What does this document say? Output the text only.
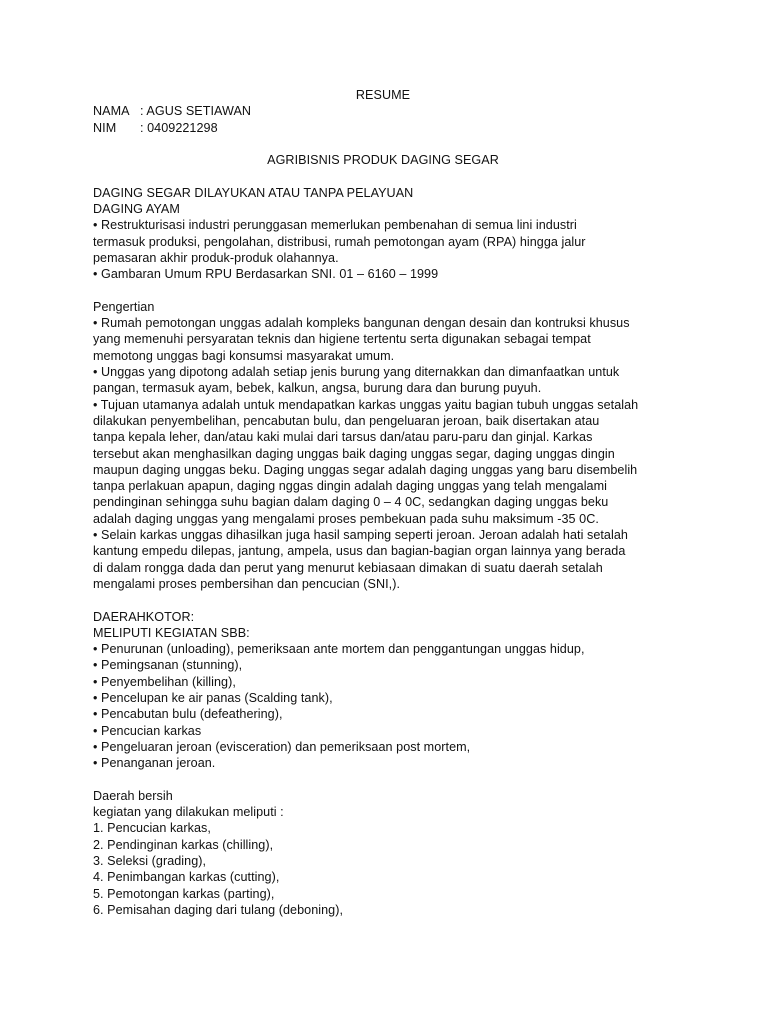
RESUME
NAMA : AGUS SETIAWAN
NIM : 0409221298
AGRIBISNIS PRODUK DAGING SEGAR
DAGING SEGAR DILAYUKAN ATAU TANPA PELAYUAN
DAGING AYAM
• Restrukturisasi industri perunggasan memerlukan pembenahan di semua lini industri
termasuk produksi, pengolahan, distribusi, rumah pemotongan ayam (RPA) hingga jalur
pemasaran akhir produk-produk olahannya.
• Gambaran Umum RPU Berdasarkan SNI. 01 – 6160 – 1999
Pengertian
• Rumah pemotongan unggas adalah kompleks bangunan dengan desain dan kontruksi khusus
yang memenuhi persyaratan teknis dan higiene tertentu serta digunakan sebagai tempat
memotong unggas bagi konsumsi masyarakat umum.
• Unggas yang dipotong adalah setiap jenis burung yang diternakkan dan dimanfaatkan untuk
pangan, termasuk ayam, bebek, kalkun, angsa, burung dara dan burung puyuh.
• Tujuan utamanya adalah untuk mendapatkan karkas unggas yaitu bagian tubuh unggas setalah
dilakukan penyembelihan, pencabutan bulu, dan pengeluaran jeroan, baik disertakan atau
tanpa kepala leher, dan/atau kaki mulai dari tarsus dan/atau paru-paru dan ginjal. Karkas
tersebut akan menghasilkan daging unggas baik daging unggas segar, daging unggas dingin
maupun daging unggas beku. Daging unggas segar adalah daging unggas yang baru disembelih
tanpa perlakuan apapun, daging nggas dingin adalah daging unggas yang telah mengalami
pendinginan sehingga suhu bagian dalam daging 0 – 4 0C, sedangkan daging unggas beku
adalah daging unggas yang mengalami proses pembekuan pada suhu maksimum -35 0C.
• Selain karkas unggas dihasilkan juga hasil samping seperti jeroan. Jeroan adalah hati setalah
kantung empedu dilepas, jantung, ampela, usus dan bagian-bagian organ lainnya yang berada
di dalam rongga dada dan perut yang menurut kebiasaan dimakan di suatu daerah setalah
mengalami proses pembersihan dan pencucian (SNI,).
DAERAHKOTOR:
MELIPUTI KEGIATAN SBB:
• Penurunan (unloading), pemeriksaan ante mortem dan penggantungan unggas hidup,
• Pemingsanan (stunning),
• Penyembelihan (killing),
• Pencelupan ke air panas (Scalding tank),
• Pencabutan bulu (defeathering),
• Pencucian karkas
• Pengeluaran jeroan (evisceration) dan pemeriksaan post mortem,
• Penanganan jeroan.
Daerah bersih
kegiatan yang dilakukan meliputi :
1. Pencucian karkas,
2. Pendinginan karkas (chilling),
3. Seleksi (grading),
4. Penimbangan karkas (cutting),
5. Pemotongan karkas (parting),
6. Pemisahan daging dari tulang (deboning),
